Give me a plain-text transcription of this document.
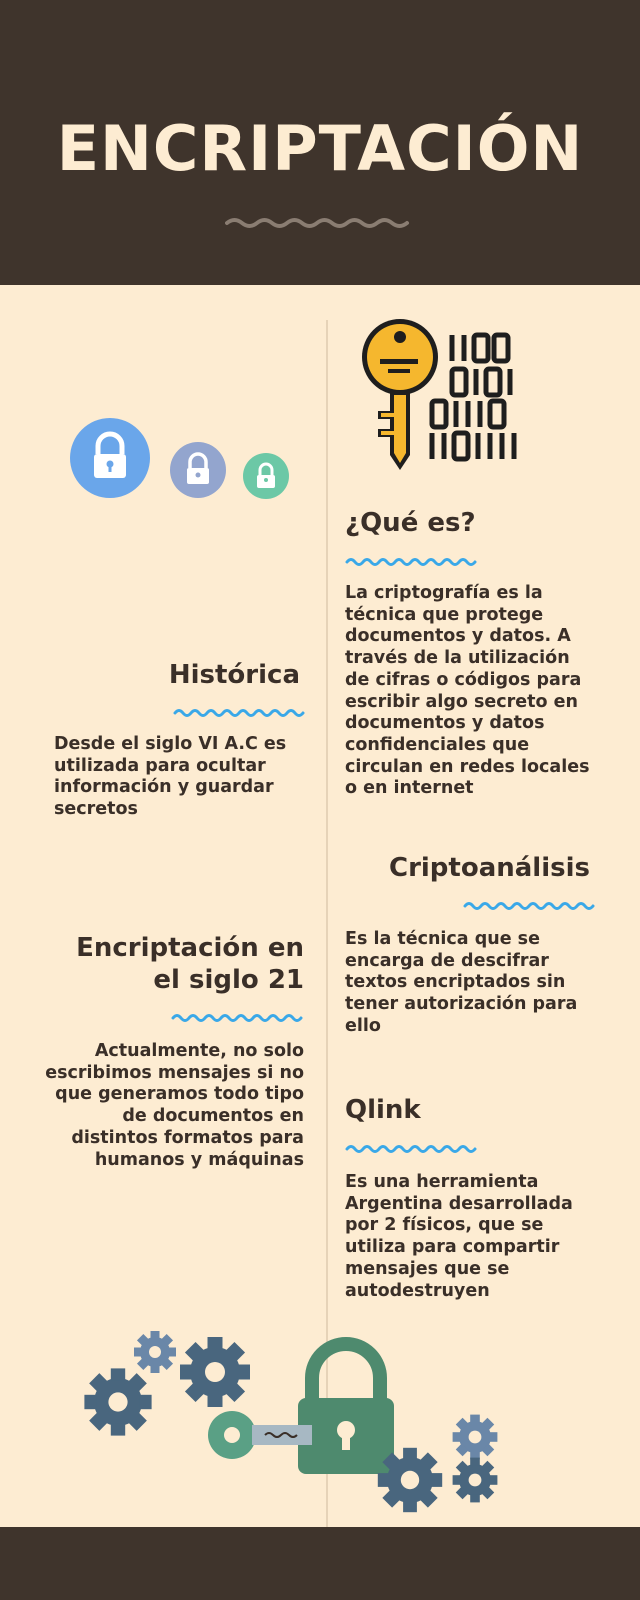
ENCRIPTACIÓN
¿Qué es?
La criptografía es la técnica que protege documentos y datos. A través de la utilización de cifras o códigos para escribir algo secreto en documentos y datos confidenciales que circulan en redes locales o en internet
Histórica
Desde el siglo VI A.C es utilizada para ocultar información y guardar secretos
Criptoanálisis
Es la técnica que se encarga de descifrar textos encriptados sin tener autorización para ello
Encriptación en
el siglo 21
Actualmente, no solo escribimos mensajes si no que generamos todo tipo de documentos en distintos formatos para humanos y máquinas
Qlink
Es una herramienta Argentina desarrollada por 2 físicos, que se utiliza para compartir mensajes que se autodestruyen
